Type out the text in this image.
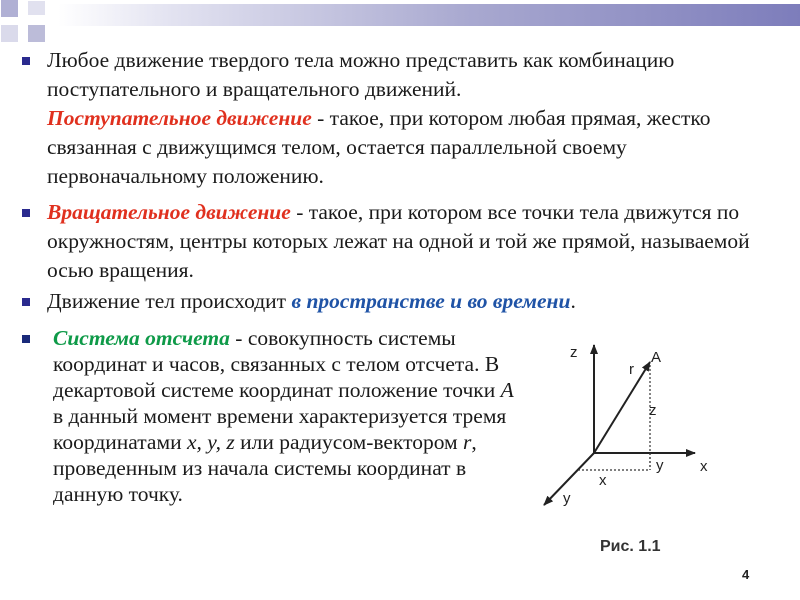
Любое движение твердого тела можно представить как комбинацию поступательного и вращательного движений.
Поступательное движение - такое, при котором любая прямая, жестко связанная с движущимся телом, остается параллельной своему первоначальному положению.

Вращательное движение - такое, при котором все точки тела движутся по окружностям, центры которых лежат на одной и той же прямой, называемой осью вращения.

Движение тел происходит в пространстве и во времени.

Система отсчета - совокупность системы координат и часов, связанных с телом отсчета. В декартовой системе координат положение точки A в данный момент времени характеризуется тремя координатами x, y, z или радиусом-вектором r, проведенным из начала системы координат в данную точку.

z
x
y
r
A
z
y
x
Рис. 1.1
4
